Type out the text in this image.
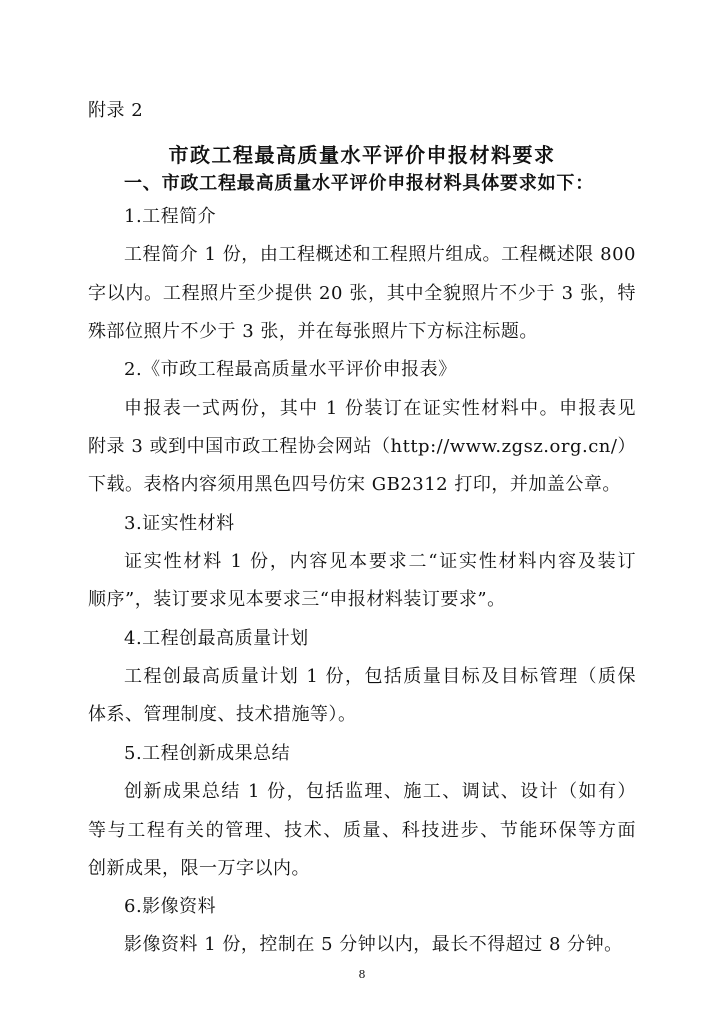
附录 2
市政工程最高质量水平评价申报材料要求
一、市政工程最高质量水平评价申报材料具体要求如下：
1.工程简介
工程简介 1 份，由工程概述和工程照片组成。工程概述限 800
字以内。工程照片至少提供 20 张，其中全貌照片不少于 3 张，特
殊部位照片不少于 3 张，并在每张照片下方标注标题。
2.《市政工程最高质量水平评价申报表》
申报表一式两份，其中 1 份装订在证实性材料中。申报表见
附录 3 或到中国市政工程协会网站（http://www.zgsz.org.cn/）
下载。表格内容须用黑色四号仿宋 GB2312 打印，并加盖公章。
3.证实性材料
证实性材料 1 份，内容见本要求二“证实性材料内容及装订
顺序”，装订要求见本要求三“申报材料装订要求”。
4.工程创最高质量计划
工程创最高质量计划 1 份，包括质量目标及目标管理（质保
体系、管理制度、技术措施等）。
5.工程创新成果总结
创新成果总结 1 份，包括监理、施工、调试、设计（如有）
等与工程有关的管理、技术、质量、科技进步、节能环保等方面
创新成果，限一万字以内。
6.影像资料
影像资料 1 份，控制在 5 分钟以内，最长不得超过 8 分钟。
8
